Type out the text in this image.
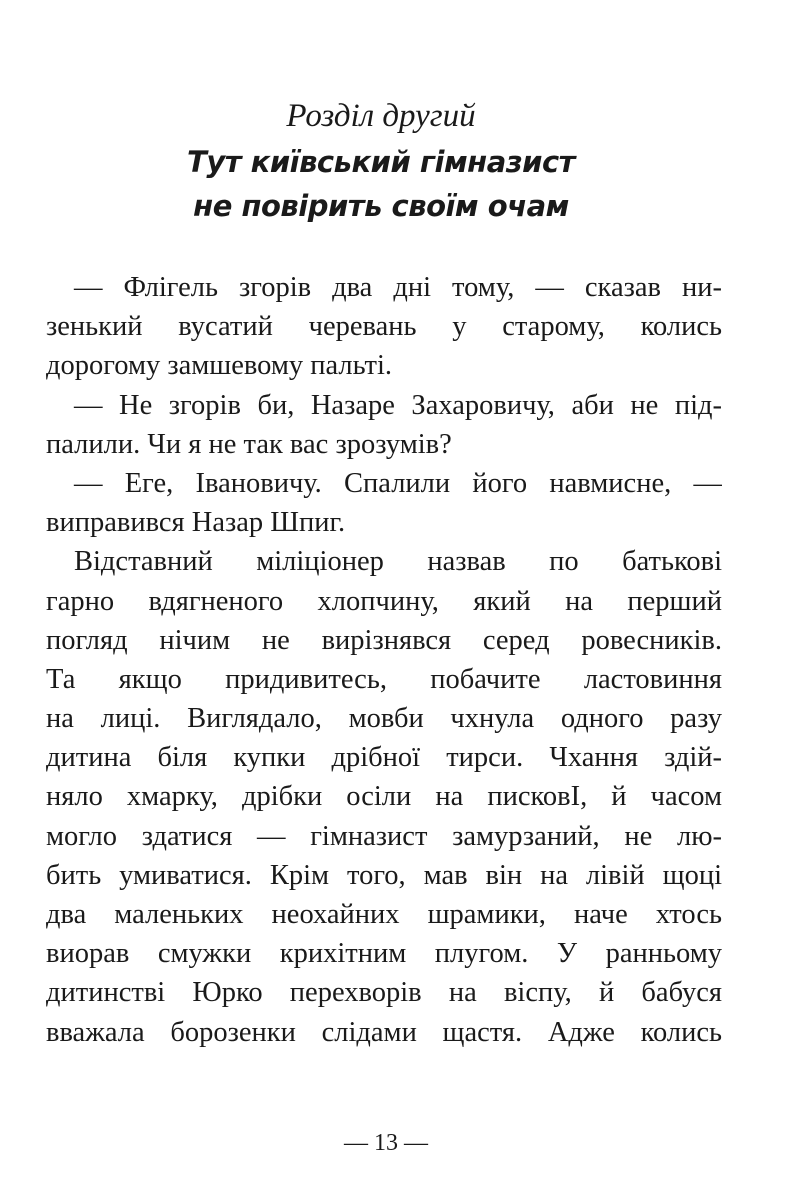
Розділ другий
Тут київський гімназист
не повірить своїм очам
— Флігель згорів два дні тому, — сказав ни-
зенький вусатий черевань у старому, колись
дорогому замшевому пальті.
— Не згорів би, Назаре Захаровичу, аби не під-
палили. Чи я не так вас зрозумів?
— Еге, Івановичу. Спалили його навмисне, —
виправився Назар Шпиг.
Відставний міліціонер назвав по батькові
гарно вдягненого хлопчину, який на перший
погляд нічим не вирізнявся серед ровесників.
Та якщо придивитесь, побачите ластовиння
на лиці. Виглядало, мовби чхнула одного разу
дитина біля купки дрібної тирси. Чхання здій-
няло хмарку, дрібки осіли на писковІ, й часом
могло здатися — гімназист замурзаний, не лю-
бить умиватися. Крім того, мав він на лівій щоці
два маленьких неохайних шрамики, наче хтось
виорав смужки крихітним плугом. У ранньому
дитинстві Юрко перехворів на віспу, й бабуся
вважала борозенки слідами щастя. Адже колись
— 13 —
